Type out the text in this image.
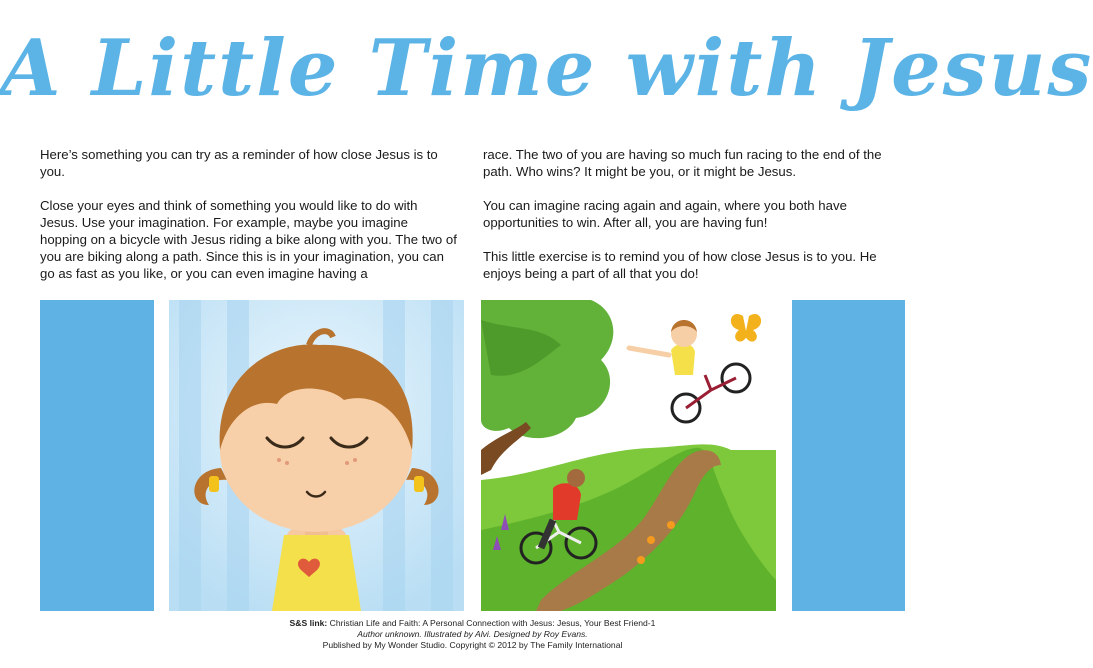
A Little Time with Jesus

Here’s something you can try as a reminder of how close Jesus is to you.

Close your eyes and think of something you would like to do with Jesus. Use your imagination. For example, maybe you imagine hopping on a bicycle with Jesus riding a bike along with you. The two of you are biking along a path. Since this is in your imagination, you can go as fast as you like, or you can even imagine having a

race. The two of you are having so much fun racing to the end of the path. Who wins? It might be you, or it might be Jesus.

You can imagine racing again and again, where you both have opportunities to win. After all, you are having fun!

This little exercise is to remind you of how close Jesus is to you. He enjoys being a part of all that you do!

S&S link: Christian Life and Faith: A Personal Connection with Jesus: Jesus, Your Best Friend-1
Author unknown. Illustrated by Alvi. Designed by Roy Evans.
Published by My Wonder Studio. Copyright © 2012 by The Family International
